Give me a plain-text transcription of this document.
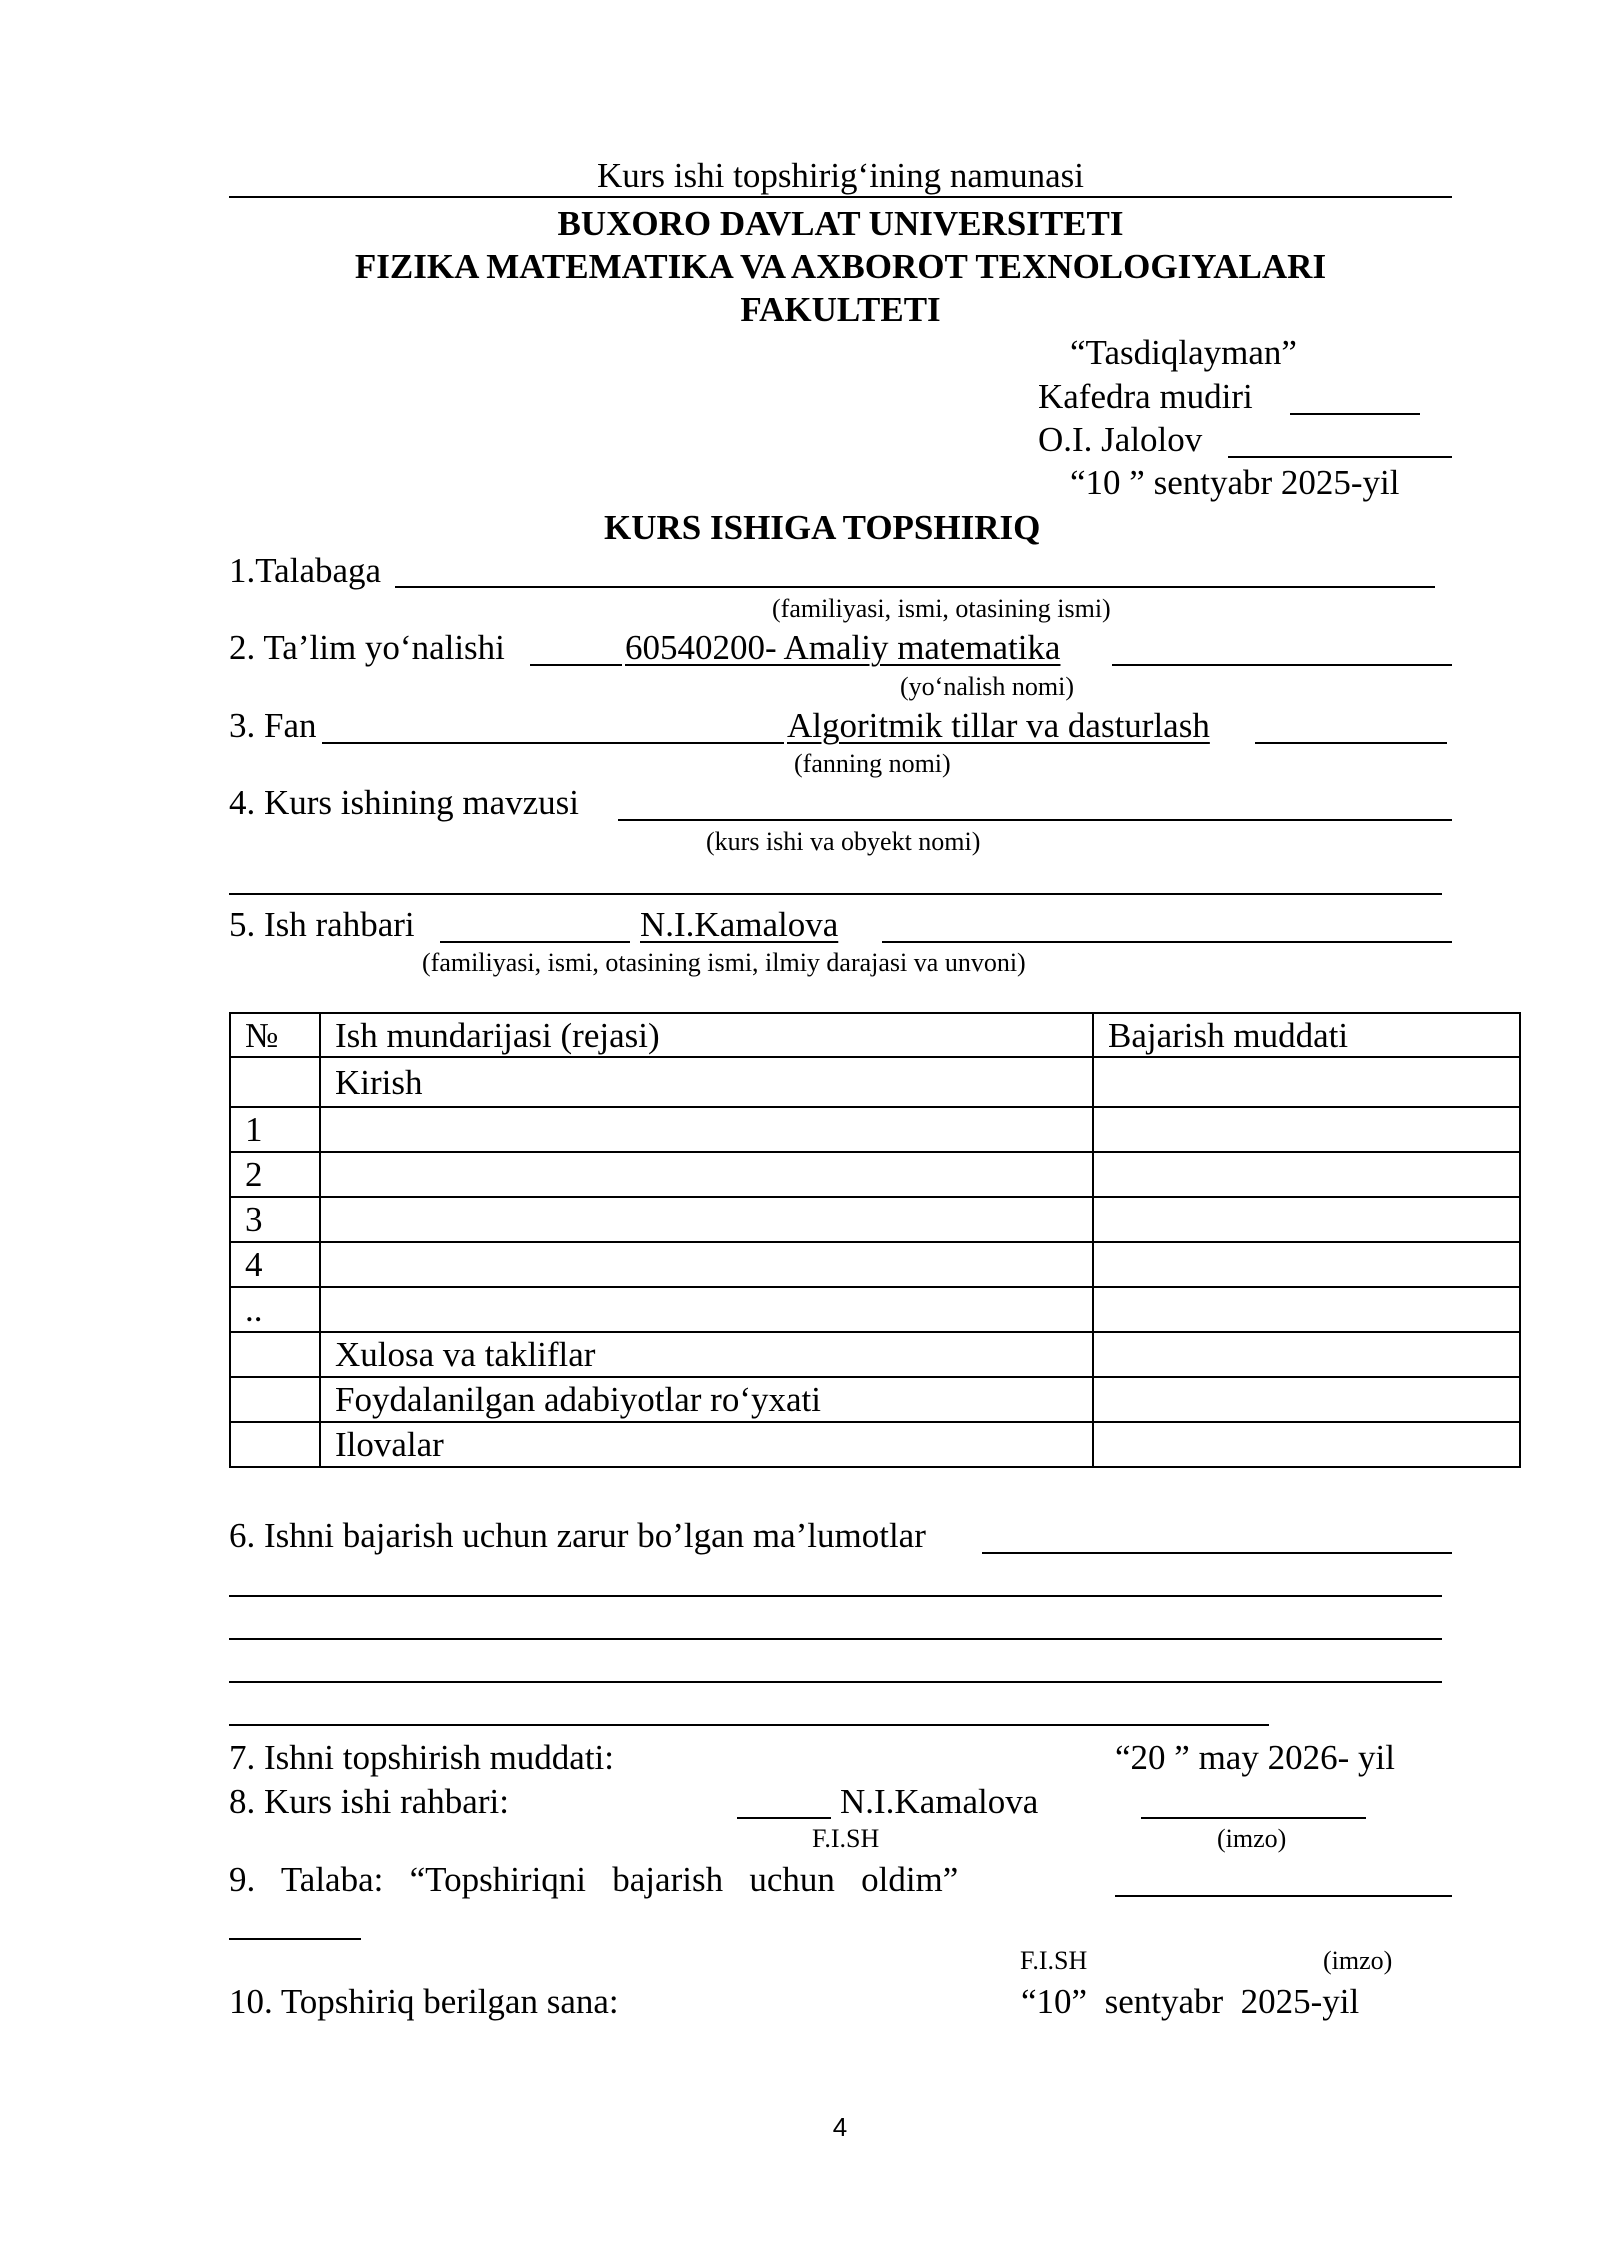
Kurs ishi topshirig‘ining namunasi
BUXORO DAVLAT UNIVERSITETI
FIZIKA MATEMATIKA VA AXBOROT TEXNOLOGIYALARI
FAKULTETI
“Tasdiqlayman”
Kafedra mudiri
O.I. Jalolov
“10 ” sentyabr 2025-yil
KURS ISHIGA TOPSHIRIQ
1.Talabaga
(familiyasi, ismi, otasining ismi)
2. Ta’lim yo‘nalishi	60540200- Amaliy matematika
(yo‘nalish nomi)
3. Fan	Algoritmik tillar va dasturlash
(fanning nomi)
4. Kurs ishining mavzusi
(kurs ishi va obyekt nomi)
5. Ish rahbari	N.I.Kamalova
(familiyasi, ismi, otasining ismi, ilmiy darajasi va unvoni)
№	Ish mundarijasi (rejasi)	Bajarish muddati
	Kirish	
1		
2		
3		
4		
..		
	Xulosa va takliflar	
	Foydalanilgan adabiyotlar ro‘yxati	
	Ilovalar	
6. Ishni bajarish uchun zarur bo’lgan ma’lumotlar
7. Ishni topshirish muddati:	“20 ” may 2026- yil
8. Kurs ishi rahbari:	N.I.Kamalova
F.I.SH	(imzo)
9.   Talaba:   “Topshiriqni   bajarish   uchun   oldim”
F.I.SH	(imzo)
10. Topshiriq berilgan sana:	“10”  sentyabr  2025-yil
4
